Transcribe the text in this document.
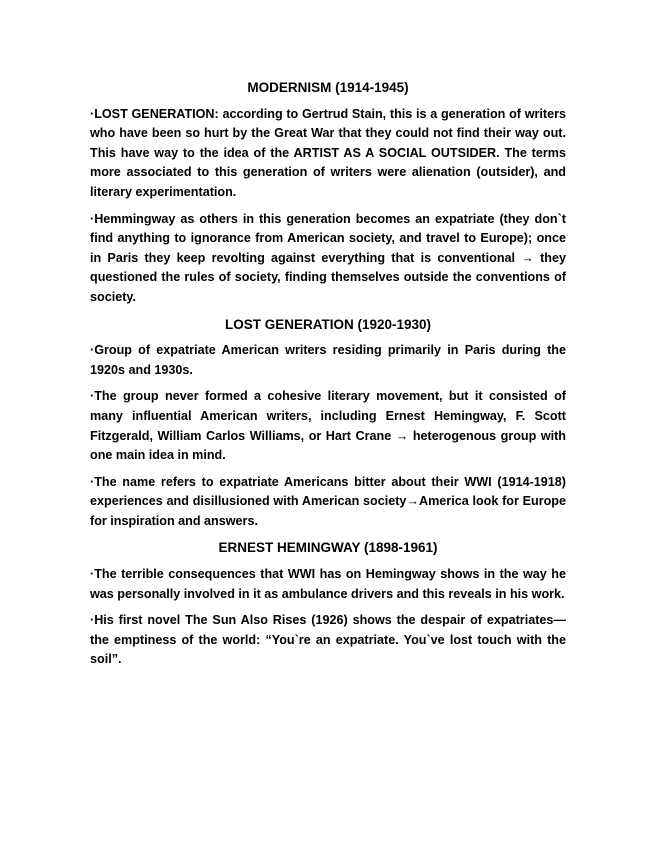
MODERNISM (1914-1945)

·LOST GENERATION: according to Gertrud Stain, this is a generation of writers who have been so hurt by the Great War that they could not find their way out. This have way to the idea of the ARTIST AS A SOCIAL OUTSIDER. The terms more associated to this generation of writers were alienation (outsider), and literary experimentation.

·Hemmingway as others in this generation becomes an expatriate (they don`t find anything to ignorance from American society, and travel to Europe); once in Paris they keep revolting against everything that is conventional → they questioned the rules of society, finding themselves outside the conventions of society.

LOST GENERATION (1920-1930)

·Group of expatriate American writers residing primarily in Paris during the 1920s and 1930s.

·The group never formed a cohesive literary movement, but it consisted of many influential American writers, including Ernest Hemingway, F. Scott Fitzgerald, William Carlos Williams, or Hart Crane → heterogenous group with one main idea in mind.

·The name refers to expatriate Americans bitter about their WWI (1914-1918) experiences and disillusioned with American society→America look for Europe for inspiration and answers.

ERNEST HEMINGWAY (1898-1961)

·The terrible consequences that WWI has on Hemingway shows in the way he was personally involved in it as ambulance drivers and this reveals in his work.

·His first novel The Sun Also Rises (1926) shows the despair of expatriates—the emptiness of the world: “You`re an expatriate. You`ve lost touch with the soil”.
